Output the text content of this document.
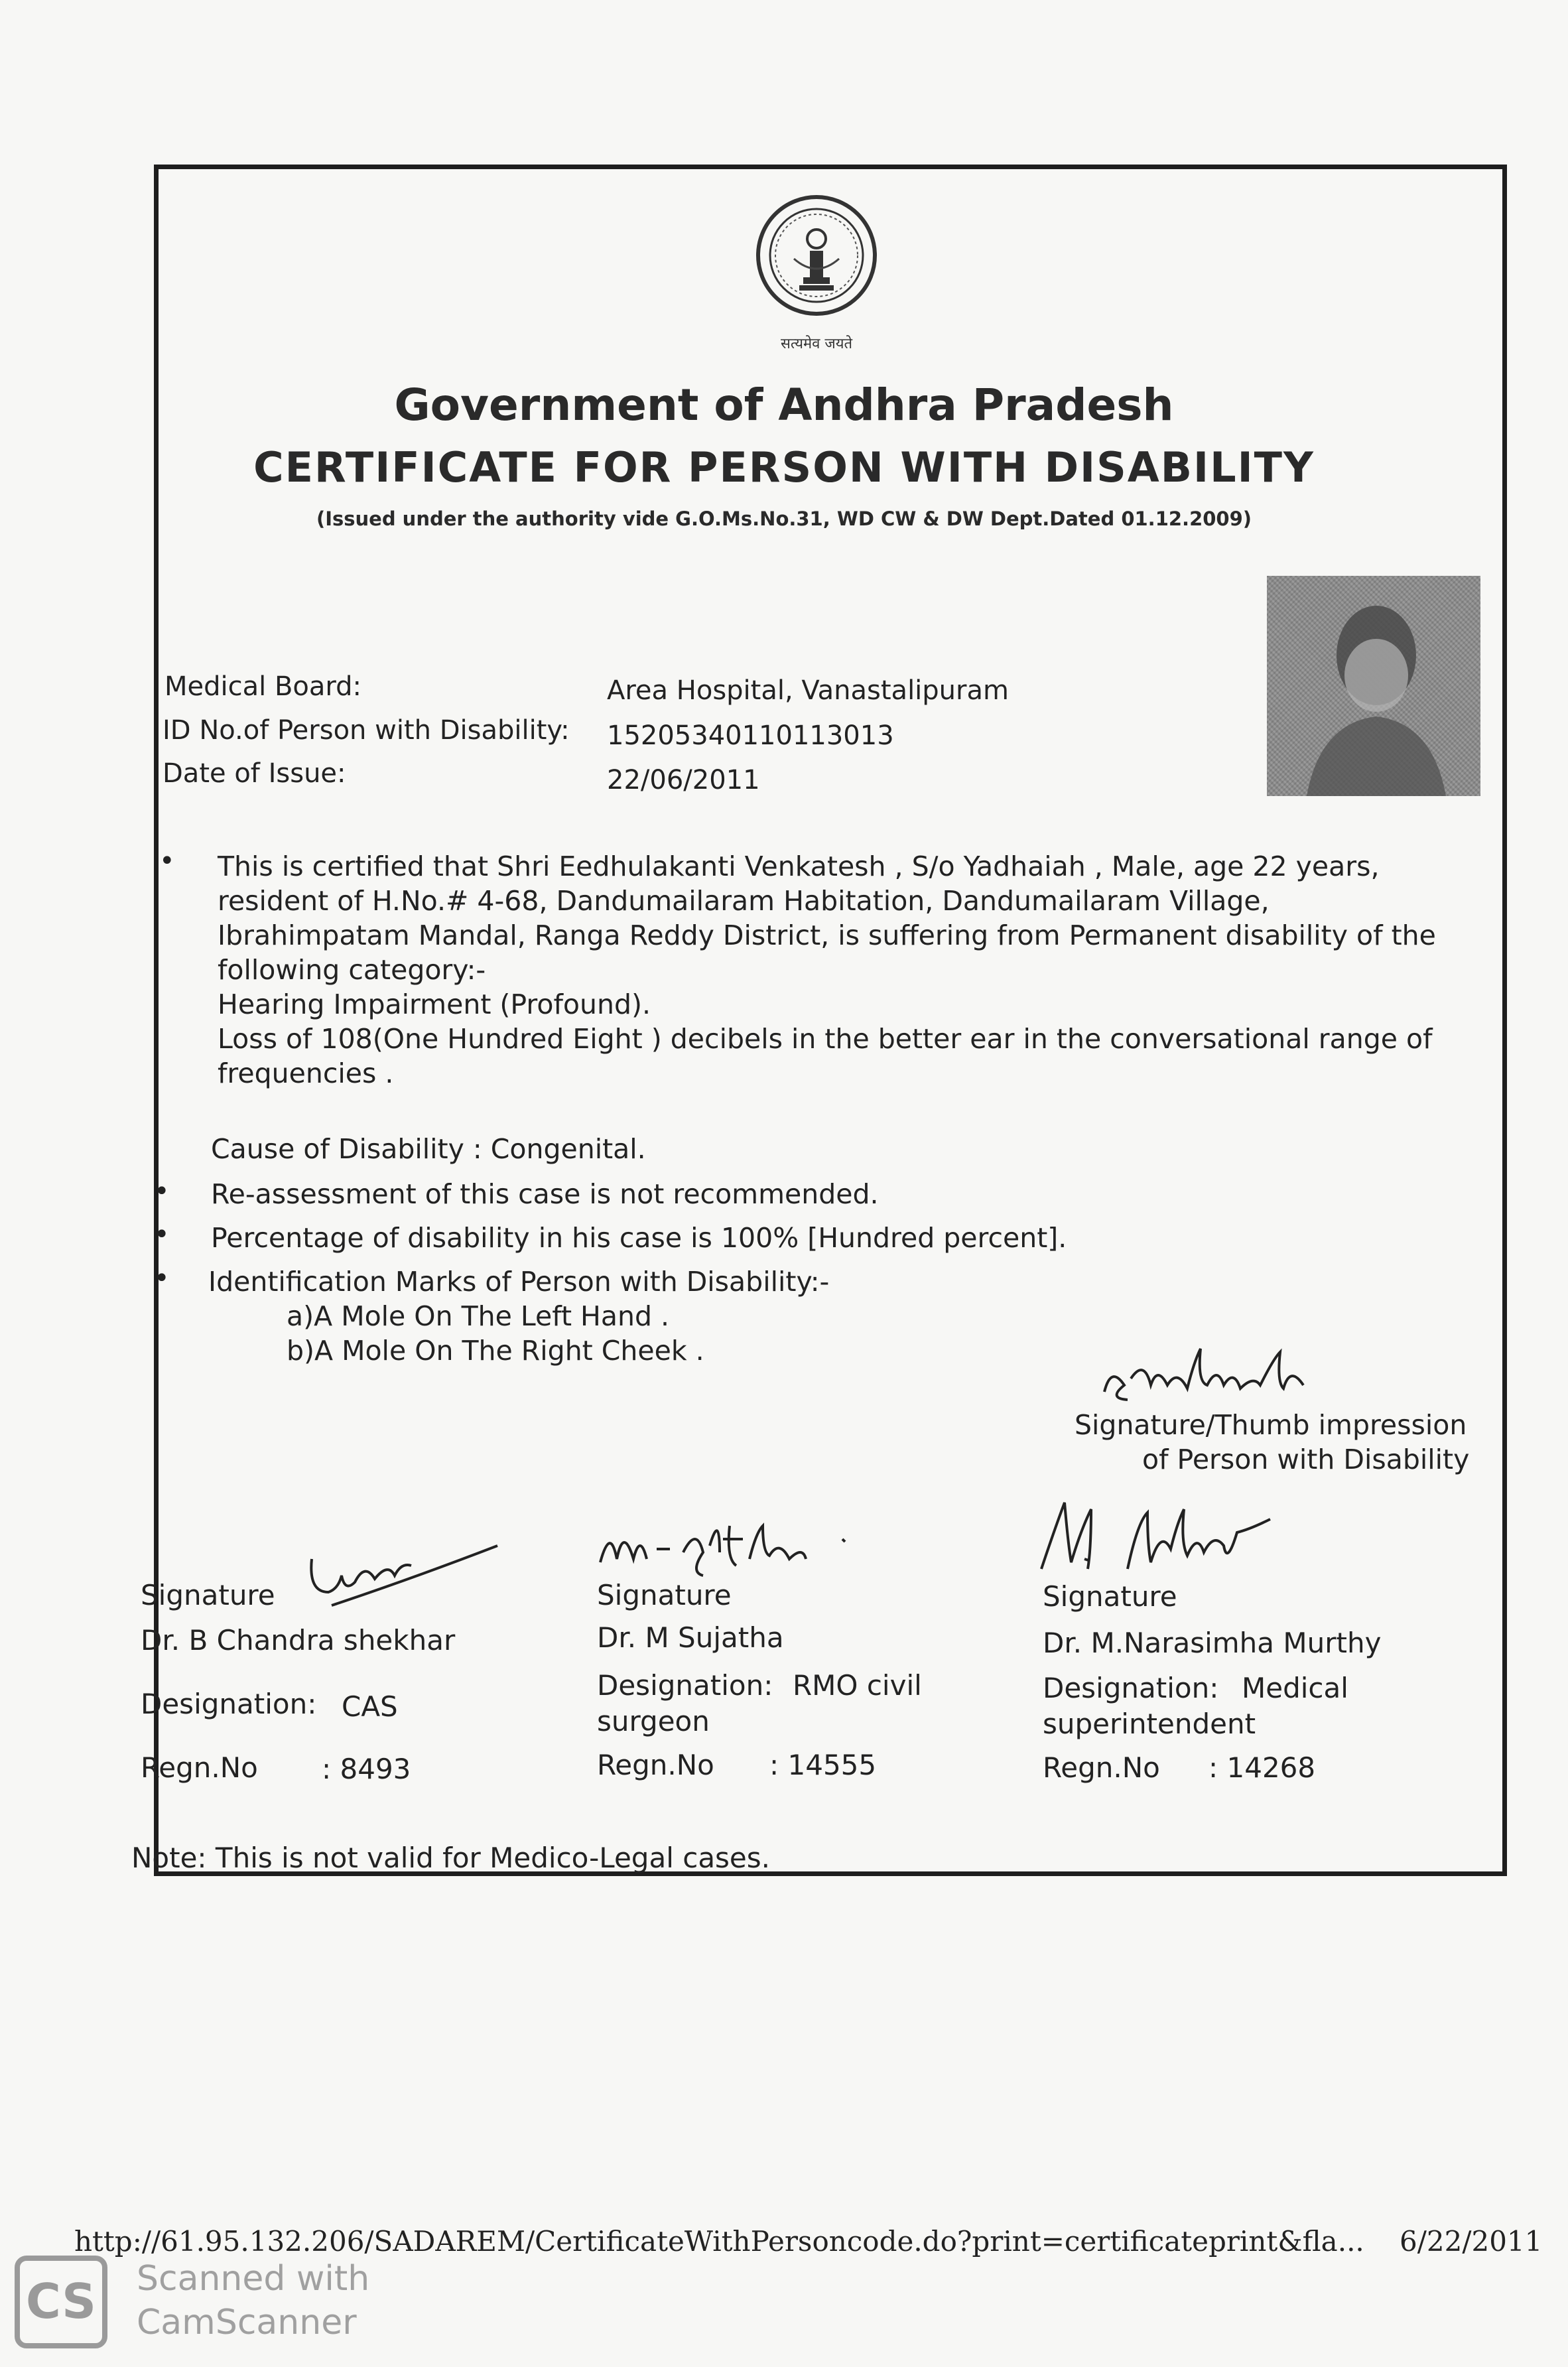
सत्यमेव जयते
Government of Andhra Pradesh
CERTIFICATE FOR PERSON WITH DISABILITY
(Issued under the authority vide G.O.Ms.No.31, WD CW & DW Dept.Dated 01.12.2009)
Medical Board:	Area Hospital, Vanastalipuram
ID No.of Person with Disability: 15205340110113013
Date of Issue:	22/06/2011
• This is certified that Shri Eedhulakanti Venkatesh , S/o Yadhaiah , Male, age 22 years,
resident of H.No.# 4-68, Dandumailaram Habitation, Dandumailaram Village,
Ibrahimpatam Mandal, Ranga Reddy District, is suffering from Permanent disability of the
following category:-
Hearing Impairment (Profound).
Loss of 108(One Hundred Eight ) decibels in the better ear in the conversational range of
frequencies .
Cause of Disability : Congenital.
• Re-assessment of this case is not recommended.
• Percentage of disability in his case is 100% [Hundred percent].
• Identification Marks of Person with Disability:-
a)A Mole On The Left Hand .
b)A Mole On The Right Cheek .
Signature/Thumb impression
of Person with Disability
Signature
Dr. B Chandra shekhar
Designation: CAS
Regn.No : 8493
Signature
Dr. M Sujatha
Designation: RMO civil
surgeon
Regn.No : 14555
Signature
Dr. M.Narasimha Murthy
Designation: Medical
superintendent
Regn.No : 14268
Note: This is not valid for Medico-Legal cases.
http://61.95.132.206/SADAREM/CertificateWithPersoncode.do?print=certificateprint&fla... 6/22/2011
CS	Scanned with
CamScanner
